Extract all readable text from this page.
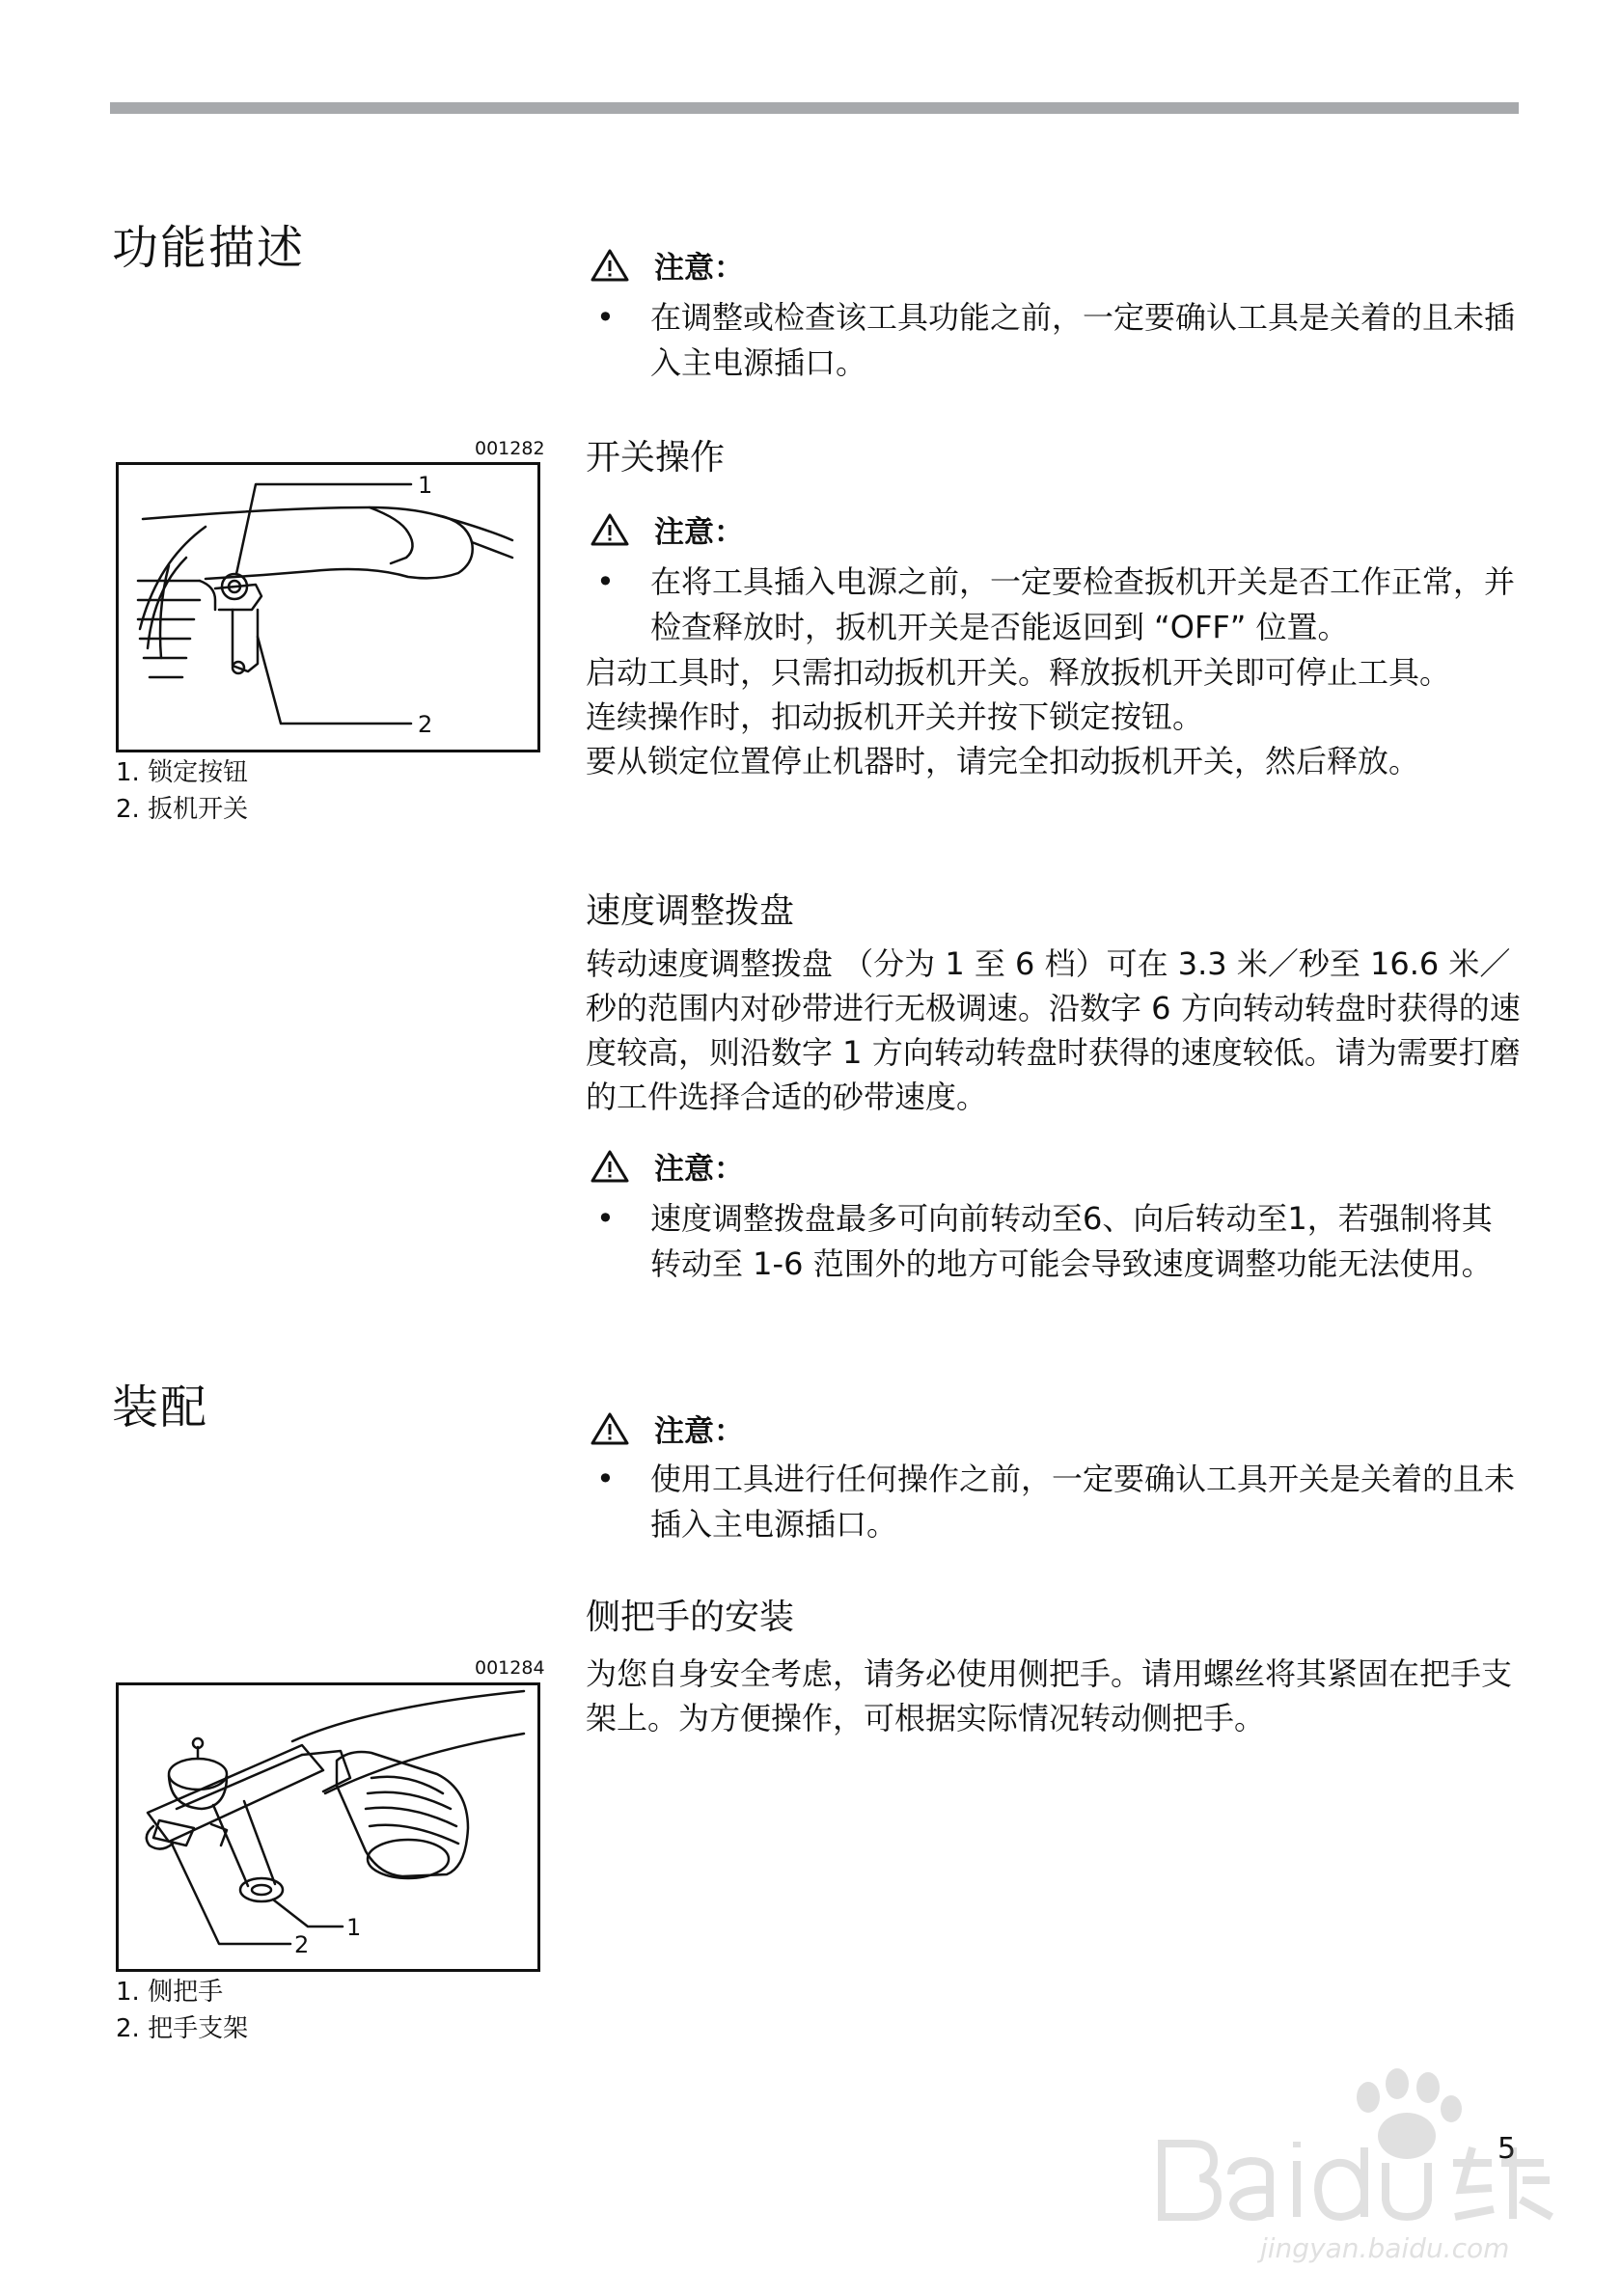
功能描述	注意：
• 在调整或检查该工具功能之前，一定要确认工具是关着的且未插入主电源插口。
开关操作
注意：
• 在将工具插入电源之前，一定要检查扳机开关是否工作正常，并检查释放时，扳机开关是否能返回到 “OFF” 位置。

启动工具时，只需扣动扳机开关。释放扳机开关即可停止工具。

连续操作时，扣动扳机开关并按下锁定按钮。

要从锁定位置停止机器时，请完全扣动扳机开关，然后释放。

001282
1
2
1. 锁定按钮
2. 扳机开关
速度调整拨盘

转动速度调整拨盘 （分为 1 至 6 档）可在 3.3 米／秒至 16.6 米／秒的范围内对砂带进行无极调速。沿数字 6 方向转动转盘时获得的速度较高，则沿数字 1 方向转动转盘时获得的速度较低。请为需要打磨的工件选择合适的砂带速度。

注意：
• 速度调整拨盘最多可向前转动至6、向后转动至1，若强制将其转动至 1-6 范围外的地方可能会导致速度调整功能无法使用。
装配	注意：
• 使用工具进行任何操作之前，一定要确认工具开关是关着的且未插入主电源插口。
侧把手的安装

为您自身安全考虑，请务必使用侧把手。请用螺丝将其紧固在把手支架上。为方便操作，可根据实际情况转动侧把手。

001284
1
2
1. 侧把手
2. 把手支架
5
jingyan.baidu.com
